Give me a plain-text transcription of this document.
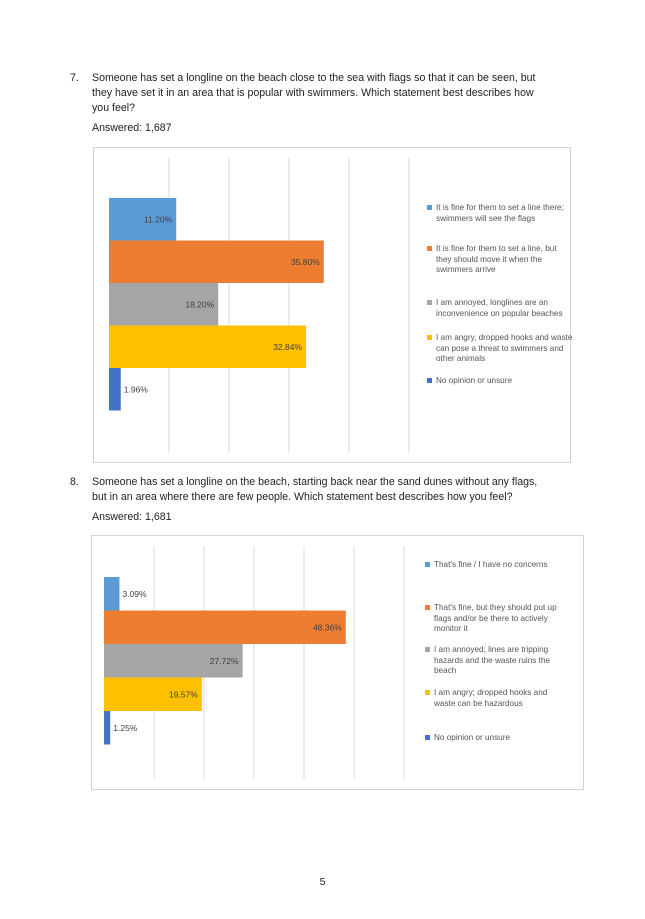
7. Someone has set a longline on the beach close to the sea with flags so that it can be seen, but
they have set it in an area that is popular with swimmers. Which statement best describes how
you feel?
Answered: 1,687
11.20%
35.80%
18.20%
32.84%
1.96%
It is fine for them to set a line there;
swimmers will see the flags
It is fine for them to set a line, but
they should move it when the
swimmers arrive
I am annoyed, longlines are an
inconvenience on popular beaches
I am angry, dropped hooks and waste
can pose a threat to swimmers and
other animals
No opinion or unsure
8. Someone has set a longline on the beach, starting back near the sand dunes without any flags,
but in an area where there are few people. Which statement best describes how you feel?
Answered: 1,681
3.09%
48.36%
27.72%
19.57%
1.25%
That's fine / I have no concerns
That's fine, but they should put up
flags and/or be there to actively
monitor it
I am annoyed; lines are tripping
hazards and the waste ruins the
beach
I am angry; dropped hooks and
waste can be hazardous
No opinion or unsure
5
